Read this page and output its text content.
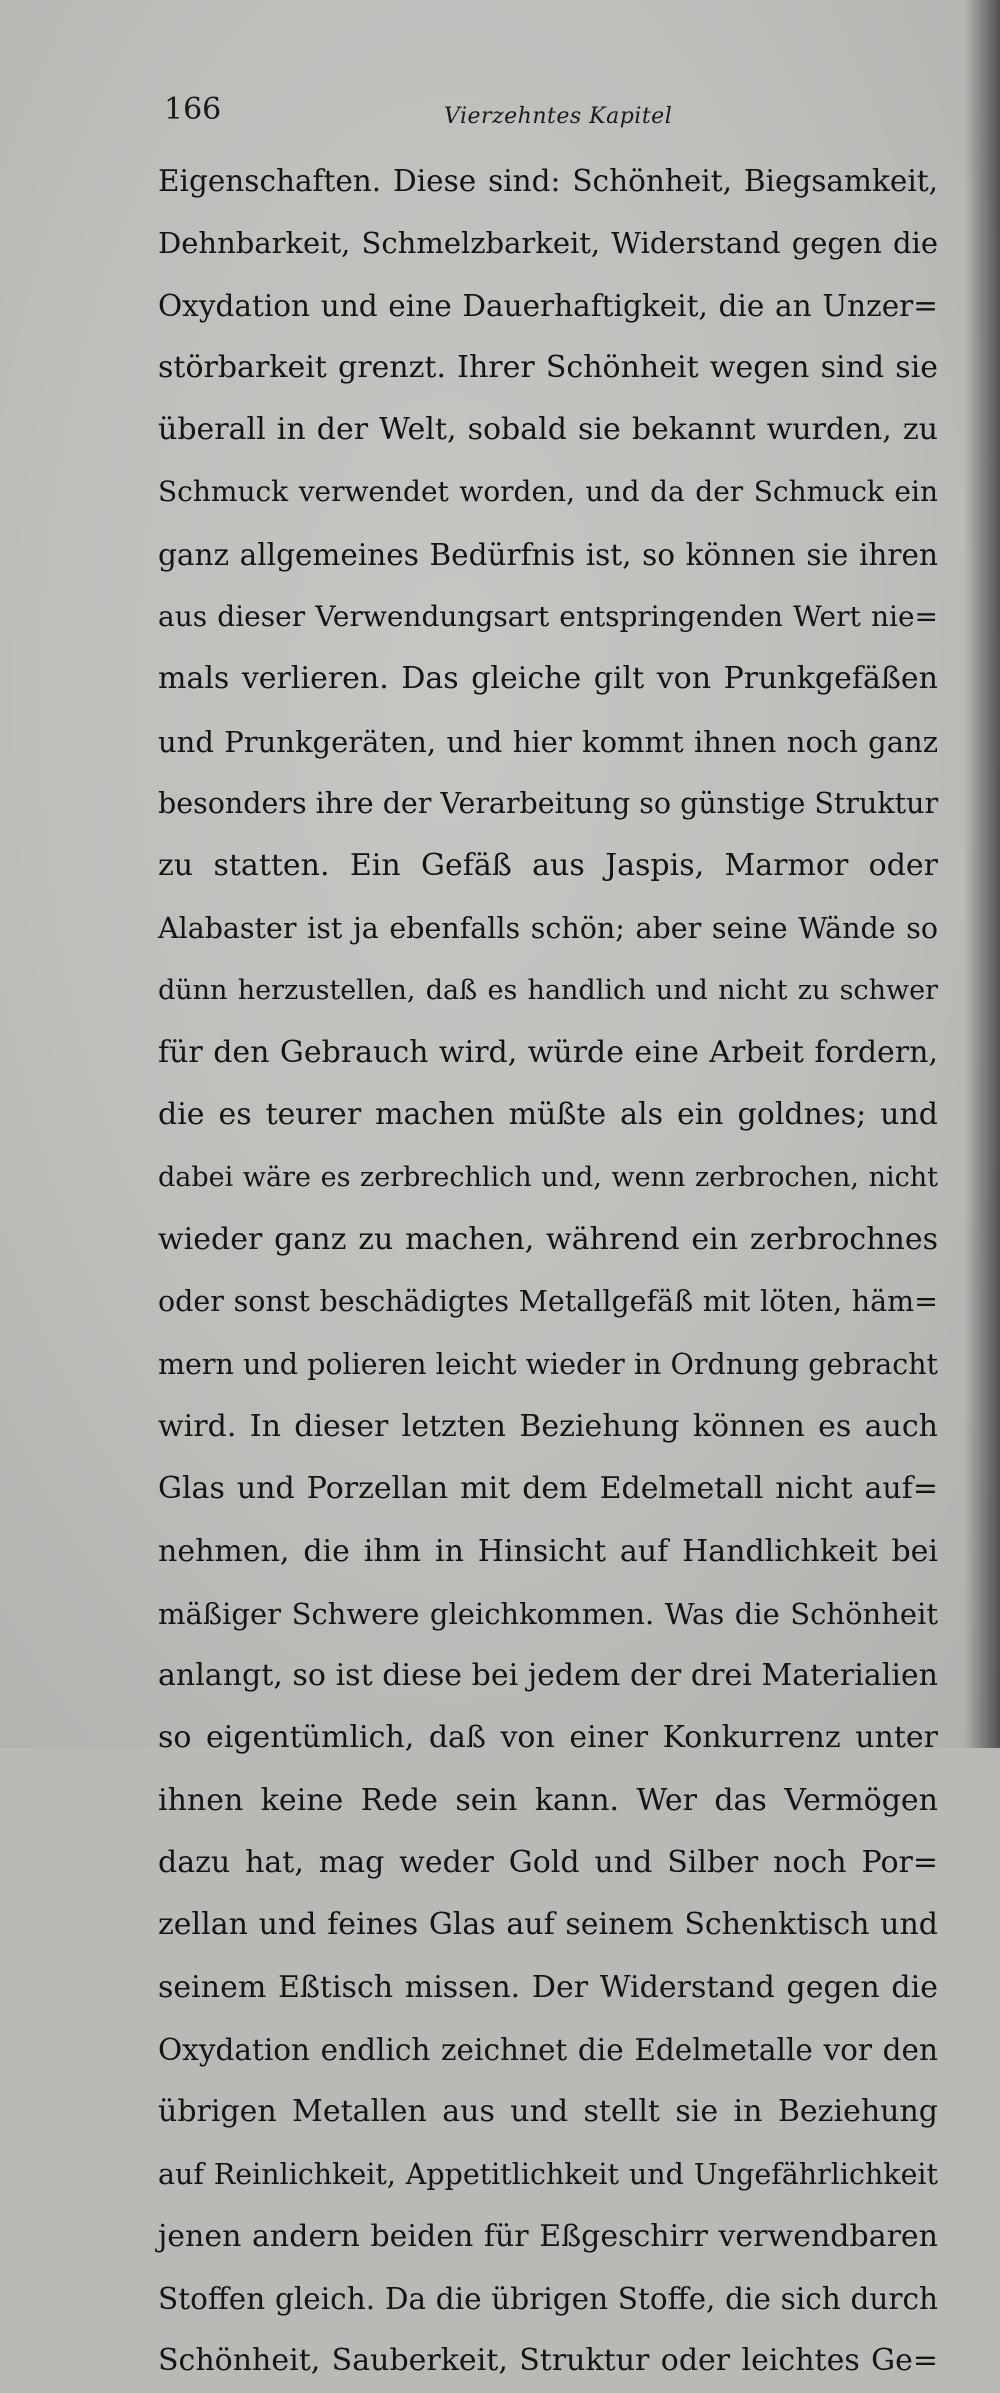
166	Vierzehntes Kapitel
Eigenschaften. Diese sind: Schönheit, Biegsamkeit,
Dehnbarkeit, Schmelzbarkeit, Widerstand gegen die
Oxydation und eine Dauerhaftigkeit, die an Unzer=
störbarkeit grenzt. Ihrer Schönheit wegen sind sie
überall in der Welt, sobald sie bekannt wurden, zu
Schmuck verwendet worden, und da der Schmuck ein
ganz allgemeines Bedürfnis ist, so können sie ihren
aus dieser Verwendungsart entspringenden Wert nie=
mals verlieren. Das gleiche gilt von Prunkgefäßen
und Prunkgeräten, und hier kommt ihnen noch ganz
besonders ihre der Verarbeitung so günstige Struktur
zu statten. Ein Gefäß aus Jaspis, Marmor oder
Alabaster ist ja ebenfalls schön; aber seine Wände so
dünn herzustellen, daß es handlich und nicht zu schwer
für den Gebrauch wird, würde eine Arbeit fordern,
die es teurer machen müßte als ein goldnes; und
dabei wäre es zerbrechlich und, wenn zerbrochen, nicht
wieder ganz zu machen, während ein zerbrochnes
oder sonst beschädigtes Metallgefäß mit löten, häm=
mern und polieren leicht wieder in Ordnung gebracht
wird. In dieser letzten Beziehung können es auch
Glas und Porzellan mit dem Edelmetall nicht auf=
nehmen, die ihm in Hinsicht auf Handlichkeit bei
mäßiger Schwere gleichkommen. Was die Schönheit
anlangt, so ist diese bei jedem der drei Materialien
so eigentümlich, daß von einer Konkurrenz unter
ihnen keine Rede sein kann. Wer das Vermögen
dazu hat, mag weder Gold und Silber noch Por=
zellan und feines Glas auf seinem Schenktisch und
seinem Eßtisch missen. Der Widerstand gegen die
Oxydation endlich zeichnet die Edelmetalle vor den
übrigen Metallen aus und stellt sie in Beziehung
auf Reinlichkeit, Appetitlichkeit und Ungefährlichkeit
jenen andern beiden für Eßgeschirr verwendbaren
Stoffen gleich. Da die übrigen Stoffe, die sich durch
Schönheit, Sauberkeit, Struktur oder leichtes Ge=
